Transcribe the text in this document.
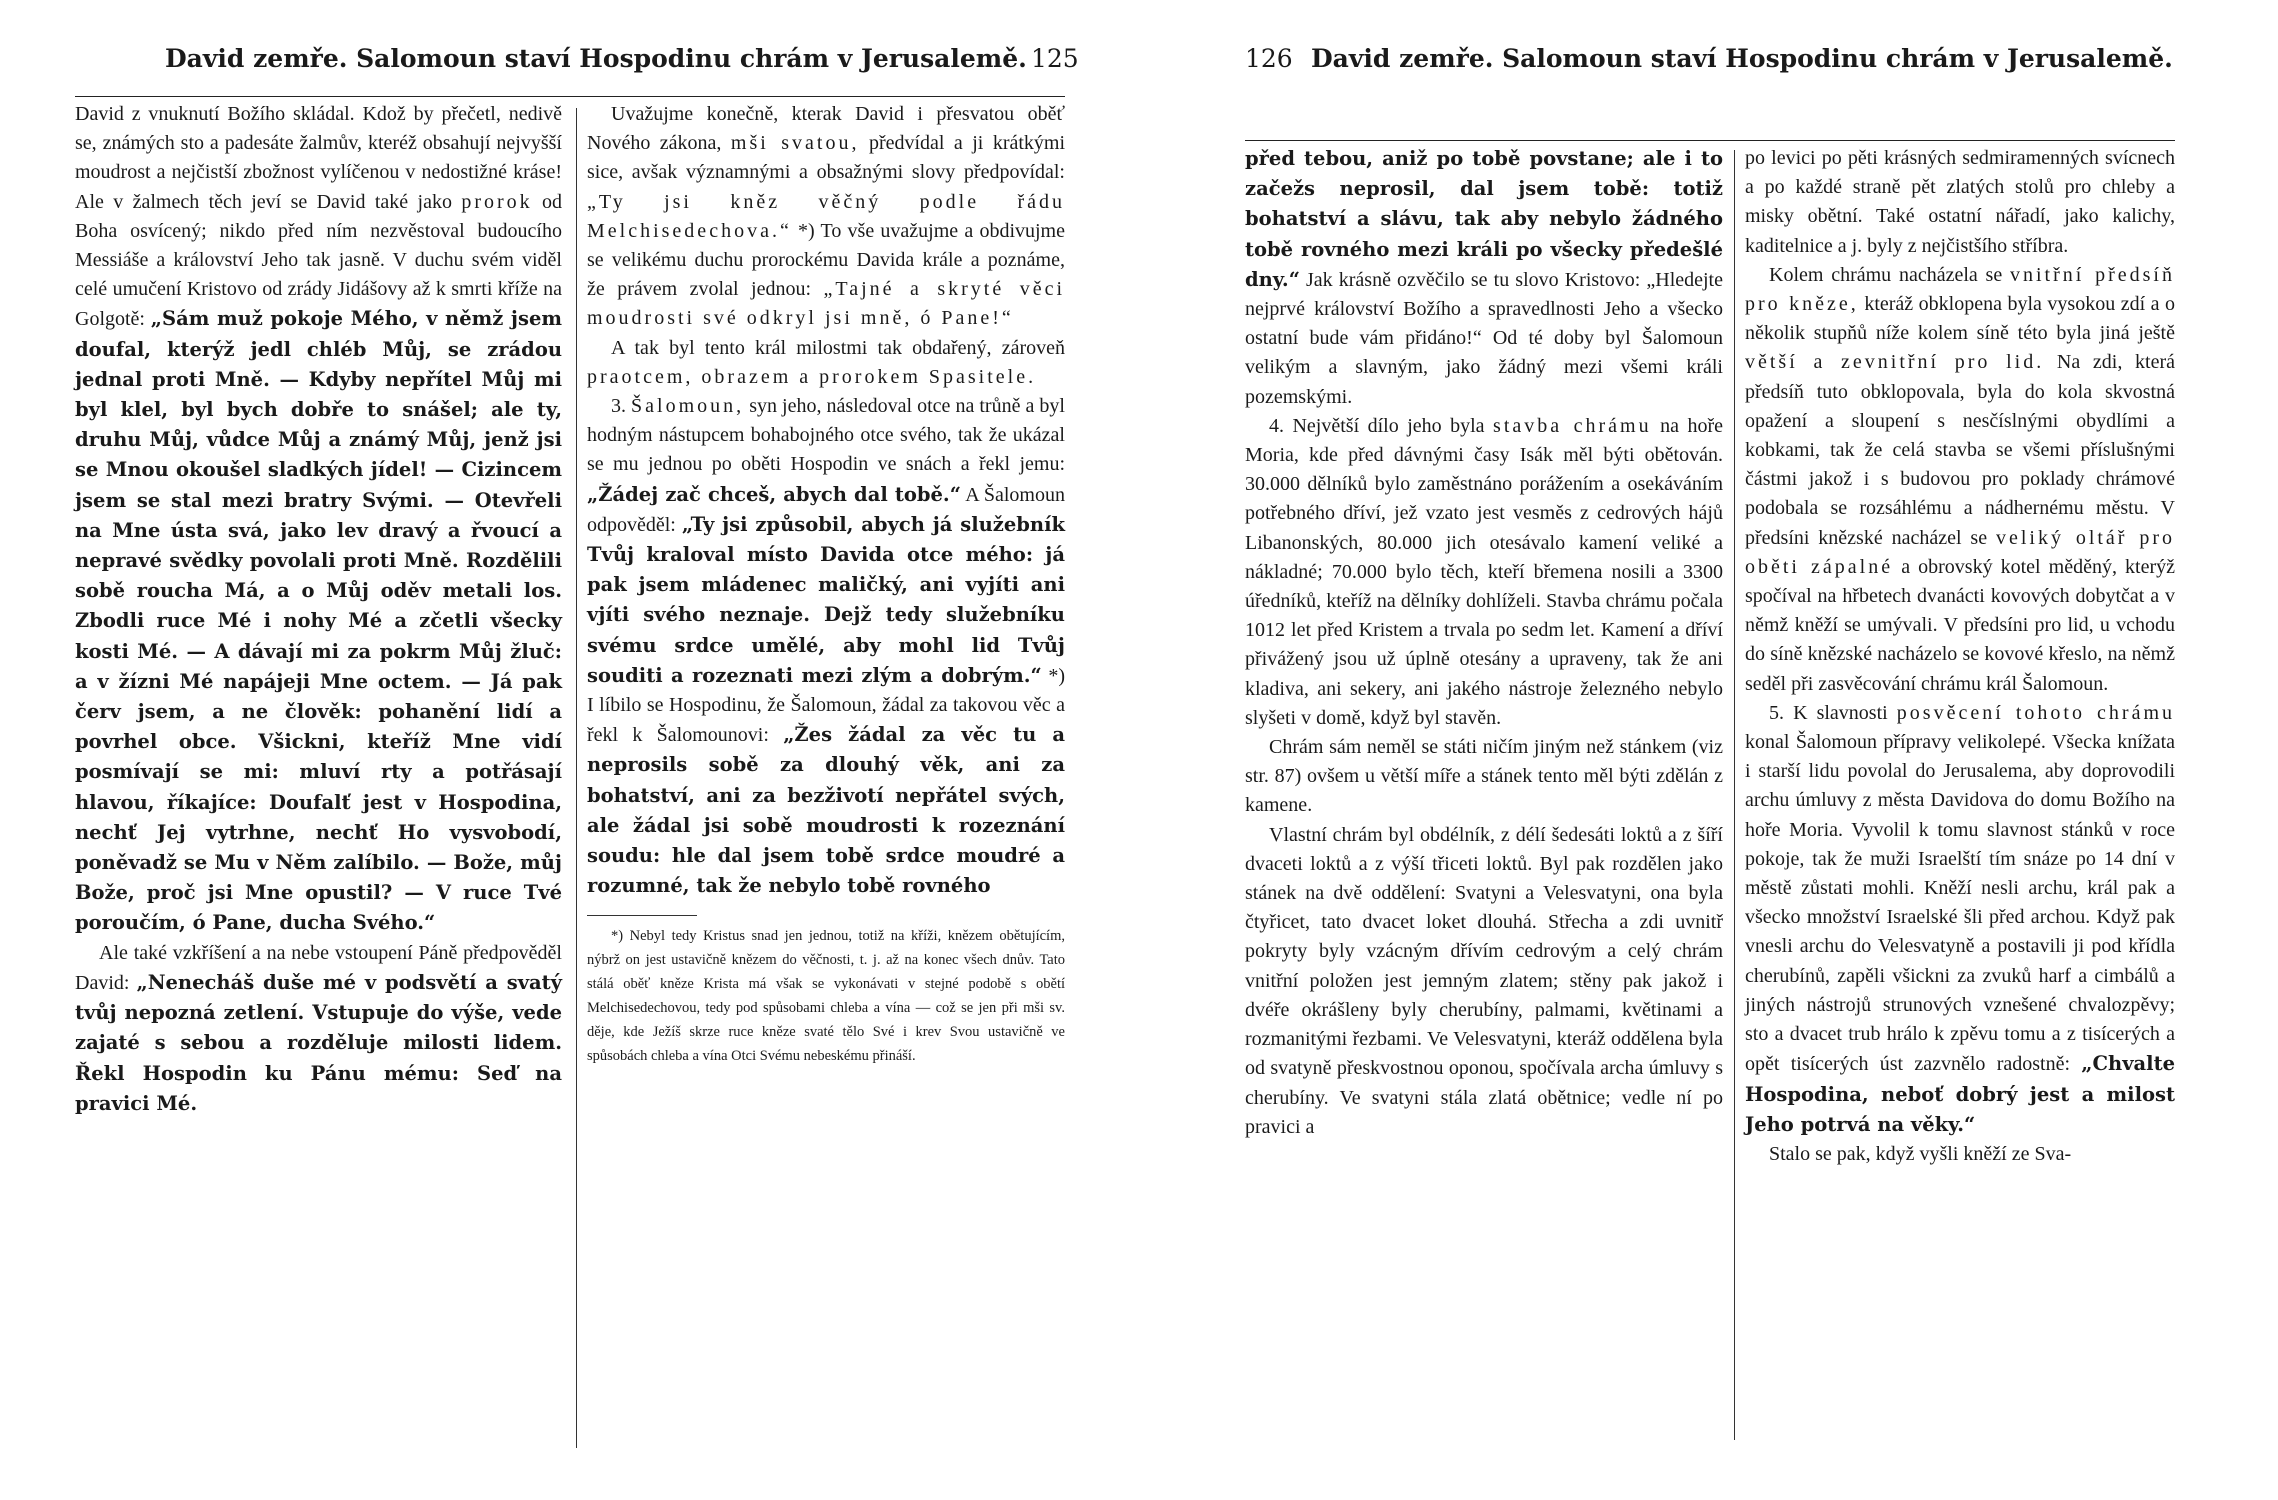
David zemře. Salomoun staví Hospodinu chrám v Jerusalemě. 125

David z vnuknutí Božího skládal. Kdož by přečetl, nedivě se, známých sto a padesáte žalmův, kteréž obsahují nejvyšší moudrost a nejčistší zbožnost vylíčenou v nedostižné kráse! Ale v žalmech těch jeví se David také jako prorok od Boha osvícený; nikdo před ním nezvěstoval budoucího Messiáše a království Jeho tak jasně. V duchu svém viděl celé umučení Kristovo od zrády Jidášovy až k smrti kříže na Golgotě: „Sám muž pokoje Mého, v němž jsem doufal, kterýž jedl chléb Můj, se zrádou jednal proti Mně. — Kdyby nepřítel Můj mi byl klel, byl bych dobře to snášel; ale ty, druhu Můj, vůdce Můj a známý Můj, jenž jsi se Mnou okoušel sladkých jídel! — Cizincem jsem se stal mezi bratry Svými. — Otevřeli na Mne ústa svá, jako lev dravý a řvoucí a nepravé svědky povolali proti Mně. Rozdělili sobě roucha Má, a o Můj oděv metali los. Zbodli ruce Mé i nohy Mé a zčetli všecky kosti Mé. — A dávají mi za pokrm Můj žluč: a v žízni Mé napájeji Mne octem. — Já pak červ jsem, a ne člověk: pohanění lidí a povrhel obce. Všickni, kteříž Mne vidí posmívají se mi: mluví rty a potřásají hlavou, říkajíce: Doufalť jest v Hospodina, nechť Jej vytrhne, nechť Ho vysvobodí, poněvadž se Mu v Něm zalíbilo. — Bože, můj Bože, proč jsi Mne opustil? — V ruce Tvé poroučím, ó Pane, ducha Svého.“

Ale také vzkříšení a na nebe vstoupení Páně předpověděl David: „Nenecháš duše mé v podsvětí a svatý tvůj nepozná zetlení. Vstupuje do výše, vede zajaté s sebou a rozděluje milosti lidem. Řekl Hospodin ku Pánu mému: Seď na pravici Mé.

Uvažujme konečně, kterak David i přesvatou oběť Nového zákona, mši svatou, předvídal a ji krátkými sice, avšak významnými a obsažnými slovy předpovídal: „Ty jsi kněz věčný podle řádu Melchisedechova.“ *) To vše uvažujme a obdivujme se velikému duchu prorockému Davida krále a poznáme, že právem zvolal jednou: „Tajné a skryté věci moudrosti své odkryl jsi mně, ó Pane!“

A tak byl tento král milostmi tak obdařený, zároveň praotcem, obrazem a prorokem Spasitele.

3. Šalomoun, syn jeho, následoval otce na trůně a byl hodným nástupcem bohabojného otce svého, tak že ukázal se mu jednou po oběti Hospodin ve snách a řekl jemu: „Žádej zač chceš, abych dal tobě.“ A Šalomoun odpověděl: „Ty jsi způsobil, abych já služebník Tvůj kraloval místo Davida otce mého: já pak jsem mládenec maličký, ani vyjíti ani vjíti svého neznaje. Dejž tedy služebníku svému srdce umělé, aby mohl lid Tvůj souditi a rozeznati mezi zlým a dobrým.“ *) I líbilo se Hospodinu, že Šalomoun, žádal za takovou věc a řekl k Šalomounovi: „Žes žádal za věc tu a neprosils sobě za dlouhý věk, ani za bohatství, ani za bezživotí nepřátel svých, ale žádal jsi sobě moudrosti k rozeznání soudu: hle dal jsem tobě srdce moudré a rozumné, tak že nebylo tobě rovného

*) Nebyl tedy Kristus snad jen jednou, totiž na kříži, knězem obětujícím, nýbrž on jest ustavičně knězem do věčnosti, t. j. až na konec všech dnův. Tato stálá oběť kněze Krista má však se vykonávati v stejné podobě s obětí Melchisedechovou, tedy pod spůsobami chleba a vína — což se jen při mši sv. děje, kde Ježíš skrze ruce kněze svaté tělo Své i krev Svou ustavičně ve spůsobách chleba a vína Otci Svému nebeskému přináší.

126 David zemře. Salomoun staví Hospodinu chrám v Jerusalemě.

před tebou, aniž po tobě povstane; ale i to začežs neprosil, dal jsem tobě: totiž bohatství a slávu, tak aby nebylo žádného tobě rovného mezi králi po všecky předešlé dny.“ Jak krásně ozvěčilo se tu slovo Kristovo: „Hledejte nejprvé království Božího a spravedlnosti Jeho a všecko ostatní bude vám přidáno!“ Od té doby byl Šalomoun velikým a slavným, jako žádný mezi všemi králi pozemskými.

4. Největší dílo jeho byla stavba chrámu na hoře Moria, kde před dávnými časy Isák měl býti obětován. 30.000 dělníků bylo zaměstnáno porážením a osekáváním potřebného dříví, jež vzato jest vesměs z cedrových hájů Libanonských, 80.000 jich otesávalo kamení veliké a nákladné; 70.000 bylo těch, kteří břemena nosili a 3300 úředníků, kteříž na dělníky dohlíželi. Stavba chrámu počala 1012 let před Kristem a trvala po sedm let. Kamení a dříví přivážený jsou už úplně otesány a upraveny, tak že ani kladiva, ani sekery, ani jakého nástroje železného nebylo slyšeti v domě, když byl stavěn.

Chrám sám neměl se státi ničím jiným než stánkem (viz str. 87) ovšem u větší míře a stánek tento měl býti zdělán z kamene.

Vlastní chrám byl obdélník, z délí šedesáti loktů a z šíří dvaceti loktů a z výší třiceti loktů. Byl pak rozdělen jako stánek na dvě oddělení: Svatyni a Velesvatyni, ona byla čtyřicet, tato dvacet loket dlouhá. Střecha a zdi uvnitř pokryty byly vzácným dřívím cedrovým a celý chrám vnitřní položen jest jemným zlatem; stěny pak jakož i dvéře okrášleny byly cherubíny, palmami, květinami a rozmanitými řezbami. Ve Velesvatyni, kteráž oddělena byla od svatyně přeskvostnou oponou, spočívala archa úmluvy s cherubíny. Ve svatyni stála zlatá obětnice; vedle ní po pravici a

po levici po pěti krásných sedmiramenných svícnech a po každé straně pět zlatých stolů pro chleby a misky obětní. Také ostatní nářadí, jako kalichy, kaditelnice a j. byly z nejčistšího stříbra.

Kolem chrámu nacházela se vnitřní předsíň pro kněze, kteráž obklopena byla vysokou zdí a o několik stupňů níže kolem síně této byla jiná ještě větší a zevnitřní pro lid. Na zdi, která předsíň tuto obklopovala, byla do kola skvostná opažení a sloupení s nesčíslnými obydlími a kobkami, tak že celá stavba se všemi příslušnými částmi jakož i s budovou pro poklady chrámové podobala se rozsáhlému a nádhernému městu. V předsíni knězské nacházel se veliký oltář pro oběti zápalné a obrovský kotel měděný, kterýž spočíval na hřbetech dvanácti kovových dobytčat a v němž kněží se umývali. V předsíni pro lid, u vchodu do síně knězské nacházelo se kovové křeslo, na němž seděl při zasvěcování chrámu král Šalomoun.

5. K slavnosti posvěcení tohoto chrámu konal Šalomoun přípravy velikolepé. Všecka knížata i starší lidu povolal do Jerusalema, aby doprovodili archu úmluvy z města Davidova do domu Božího na hoře Moria. Vyvolil k tomu slavnost stánků v roce pokoje, tak že muži Israelští tím snáze po 14 dní v městě zůstati mohli. Kněží nesli archu, král pak a všecko množství Israelské šli před archou. Když pak vnesli archu do Velesvatyně a postavili ji pod křídla cherubínů, zapěli všickni za zvuků harf a cimbálů a jiných nástrojů strunových vznešené chvalozpěvy; sto a dvacet trub hrálo k zpěvu tomu a z tisícerých a opět tisícerých úst zazvnělo radostně: „Chvalte Hospodina, neboť dobrý jest a milost Jeho potrvá na věky.“

Stalo se pak, když vyšli kněží ze Sva-
